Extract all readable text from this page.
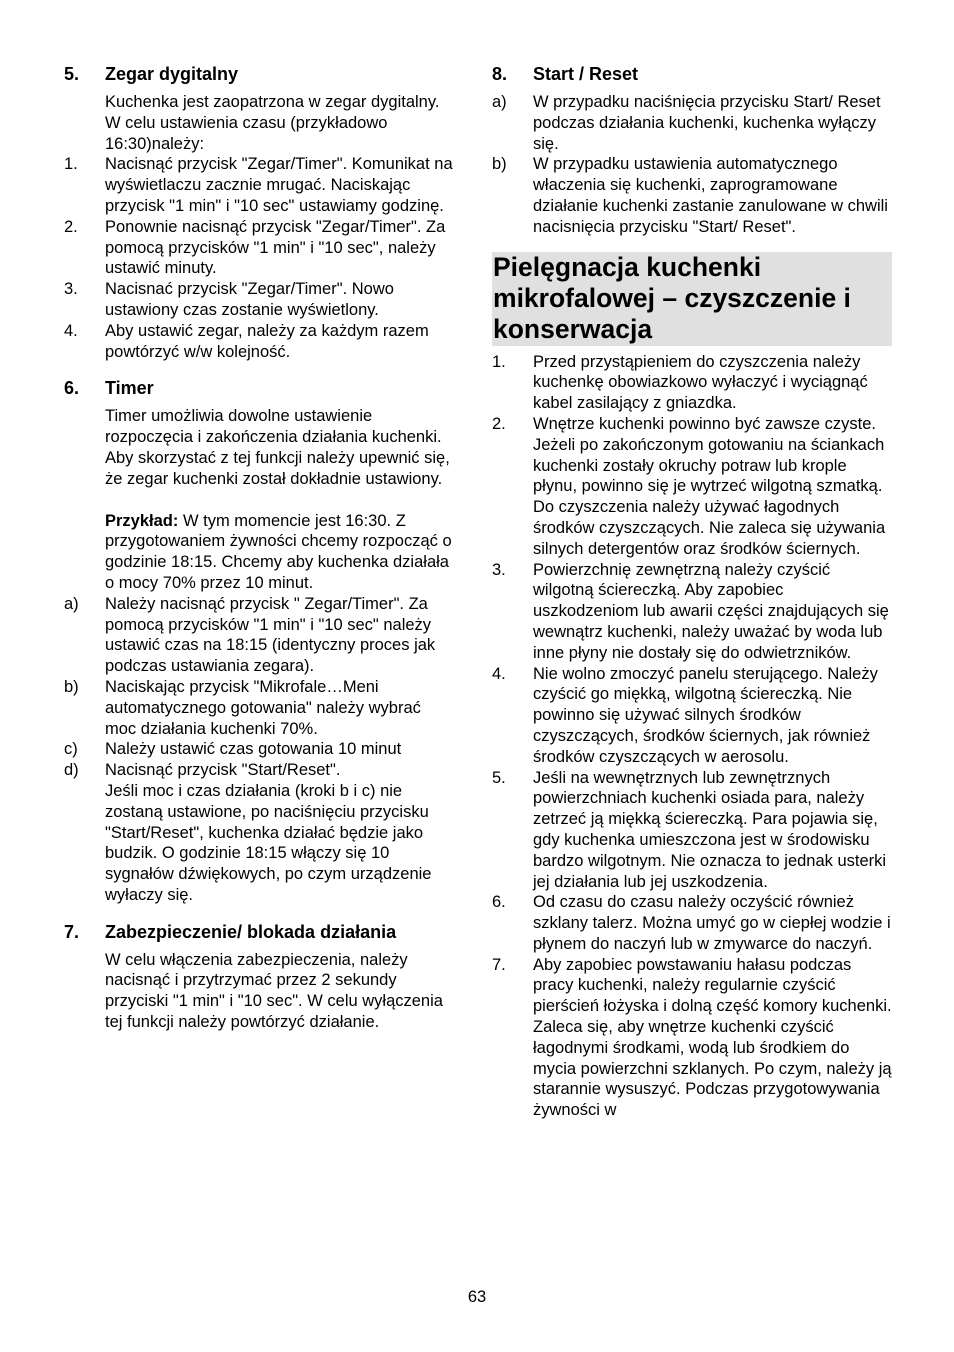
5.	Zegar dygitalny

Kuchenka jest zaopatrzona w zegar dygitalny. W celu ustawienia czasu (przykładowo 16:30)należy:

1.	Nacisnąć przycisk "Zegar/Timer". Komunikat na wyświetlaczu zacznie mrugać. Naciskając przycisk "1 min" i "10 sec" ustawiamy godzinę.
2.	Ponownie nacisnąć przycisk "Zegar/Timer". Za pomocą przycisków "1 min" i "10 sec", należy ustawić minuty.
3.	Nacisnać przycisk "Zegar/Timer". Nowo ustawiony czas zostanie wyświetlony.
4.	Aby ustawić zegar, należy za każdym razem powtórzyć w/w kolejność.
6.	Timer

Timer umożliwia dowolne ustawienie rozpoczęcia i zakończenia działania kuchenki. Aby skorzystać z tej funkcji należy upewnić się, że zegar kuchenki został dokładnie ustawiony.

Przykład: W tym momencie jest 16:30. Z przygotowaniem żywności chcemy rozpocząć o godzinie 18:15. Chcemy aby kuchenka działała o mocy 70% przez 10 minut.

a)	Należy nacisnąć przycisk " Zegar/Timer". Za pomocą przycisków "1 min" i "10 sec" należy ustawić czas na 18:15 (identyczny proces jak podczas ustawiania zegara).
b)	Naciskając przycisk "Mikrofale…Meni automatycznego gotowania" należy wybrać moc działania kuchenki 70%.
c)	Należy ustawić czas gotowania 10 minut
d)	Nacisnąć przycisk "Start/Reset".

Jeśli moc i czas działania (kroki b i c) nie zostaną ustawione, po naciśnięciu przycisku "Start/Reset", kuchenka działać będzie jako budzik. O godzinie 18:15 włączy się 10 sygnałów dźwiękowych, po czym urządzenie wyłaczy się.

7.	Zabezpieczenie/ blokada działania

W celu włączenia zabezpieczenia, należy nacisnąć i przytrzymać przez 2 sekundy przyciski "1 min" i "10 sec". W celu wyłączenia tej funkcji należy powtórzyć działanie.

8.	Start / Reset
a)	W przypadku naciśnięcia przycisku Start/ Reset podczas działania kuchenki, kuchenka wyłączy się.
b)	W przypadku ustawienia automatycznego właczenia się kuchenki, zaprogramowane działanie kuchenki zastanie zanulowane w chwili nacisnięcia przycisku "Start/ Reset".
Pielęgnacja kuchenki mikrofalowej – czyszczenie i konserwacja
1.	Przed przystąpieniem do czyszczenia należy kuchenkę obowiazkowo wyłaczyć i wyciągnąć kabel zasilający z gniazdka.
2.	Wnętrze kuchenki powinno być zawsze czyste. Jeżeli po zakończonym gotowaniu na ściankach kuchenki zostały okruchy potraw lub krople płynu, powinno się je wytrzeć wilgotną szmatką. Do czyszczenia należy używać łagodnych środków czyszczących. Nie zaleca się używania silnych detergentów oraz środków ściernych.
3.	Powierzchnię zewnętrzną należy czyścić wilgotną ściereczką. Aby zapobiec uszkodzeniom lub awarii części znajdujących się wewnątrz kuchenki, należy uważać by woda lub inne płyny nie dostały się do odwietrzników.
4.	Nie wolno zmoczyć panelu sterującego. Należy czyścić go miękką, wilgotną ściereczką. Nie powinno się używać silnych środków czyszczących, środków ściernych, jak również środków czyszczących w aerosolu.
5.	Jeśli na wewnętrznych lub zewnętrznych powierzchniach kuchenki osiada para, należy zetrzeć ją miękką ściereczką. Para pojawia się, gdy kuchenka umieszczona jest w środowisku bardzo wilgotnym. Nie oznacza to jednak usterki jej działania lub jej uszkodzenia.
6.	Od czasu do czasu należy oczyścić również szklany talerz. Można umyć go w ciepłej wodzie i płynem do naczyń lub w zmywarce do naczyń.
7.	Aby zapobiec powstawaniu hałasu podczas pracy kuchenki, należy regularnie czyścić pierścień łożyska i dolną część komory kuchenki. Zaleca się, aby wnętrze kuchenki czyścić łagodnymi środkami, wodą lub środkiem do mycia powierzchni szklanych. Po czym, należy ją starannie wysuszyć. Podczas przygotowywania żywności w
63
